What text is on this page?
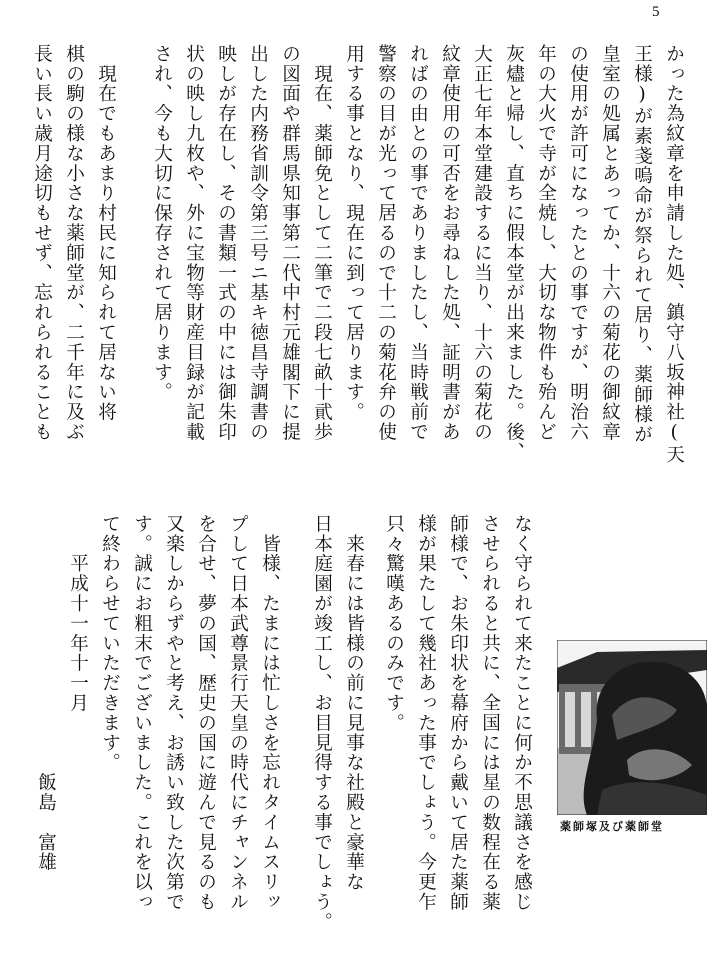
5
かった為紋章を申請した処、鎮守八坂神社(天
王様)が素戔嗚命が祭られて居り、薬師様が
皇室の処属とあってか、十六の菊花の御紋章
の使用が許可になったとの事ですが、明治六
年の大火で寺が全焼し、大切な物件も殆んど
灰燼と帰し、直ちに假本堂が出来ました。後、
大正七年本堂建設するに当り、十六の菊花の
紋章使用の可否をお尋ねした処、証明書があ
ればの由との事でありましたし、当時戦前で
警察の目が光って居るので十二の菊花弁の使
用する事となり、現在に到って居ります。
　現在、薬師免として二筆で二段七畝十貮歩
の図面や群馬県知事第二代中村元雄閣下に提
出した内務省訓令第三号ニ基キ徳昌寺調書の
映しが存在し、その書類一式の中には御朱印
状の映し九枚や、外に宝物等財産目録が記載
され、今も大切に保存されて居ります。
　現在でもあまり村民に知られて居ない将
棋の駒の様な小さな薬師堂が、二千年に及ぶ
長い長い歳月途切もせず、忘れられることも
なく守られて来たことに何か不思議さを感じ
させられると共に、全国には星の数程在る薬
師様で、お朱印状を幕府から戴いて居た薬師
様が果たして幾社あった事でしょう。今更乍
只々驚嘆あるのみです。
　来春には皆様の前に見事な社殿と豪華な
日本庭園が竣工し、お目見得する事でしょう。
　皆様、たまには忙しさを忘れタイムスリッ
プして日本武尊景行天皇の時代にチャンネル
を合せ、夢の国、歴史の国に遊んで見るのも
又楽しからずやと考え、お誘い致した次第で
す。誠にお粗末でございました。これを以っ
て終わらせていただきます。
　　平成十一年十一月
　　　　　　　　　　　　　飯島　富雄	薬師塚及び薬師堂
